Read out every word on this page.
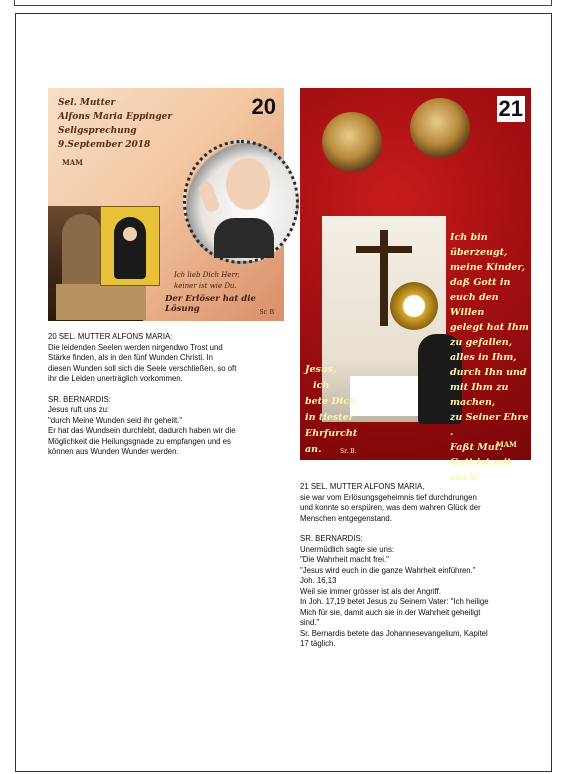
20
Sel. Mutter
Alfons Maria Eppinger
Seligsprechung
9.September 2018
MAM
Ich lieb Dich Herr,
keiner ist wie Du.
Der Erlöser hat die Lösung	Sr. B
21
Ich bin
überzeugt,
meine Kinder,
daß Gott in
euch den Willen
gelegt hat Ihm
zu gefallen,
alles in Ihm,
durch Ihn und
mit Ihm zu
machen,
zu Seiner Ehre .
Faßt Mut.
Gott ist mit euch.
MAM
Jesus,
ich
bete Dich
in tiester
Ehrfurcht
an.	Sr. B.
20 SEL. MUTTER ALFONS MARIA:

Die leidenden Seelen werden nirgendwo Trost und
Stärke finden, als in den fünf Wunden Christi. In
diesen Wunden soll sich die Seele verschließen, so oft
ihr die Leiden unerträglich vorkommen.

SR. BERNARDIS:
Jesus ruft uns zu:
"durch Meine Wunden seid ihr geheilt."
Er hat das Wundsein durchlebt, dadurch haben wir die
Möglichkeit die Heilungsgnade zu empfangen und es
können aus Wunden Wunder werden.

21 SEL. MUTTER ALFONS MARIA,

sie war vom Erlösungsgeheimnis tief durchdrungen
und konnte so erspüren, was dem wahren Glück der
Menschen entgegenstand.

SR. BERNARDIS:
Unermüdlich sagte sie uns:
"Die Wahrheit macht frei."
"Jesus wird euch in die ganze Wahrheit einführen."
Joh. 16,13
Weil sie immer grösser ist als der Angriff.
In Joh. 17,19 betet Jesus zu Seinem Vater: "Ich heilige
Mich für sie, damit auch sie in der Wahrheit geheiligt
sind."
Sr. Bernardis betete das Johannesevangelium, Kapitel
17 täglich.
